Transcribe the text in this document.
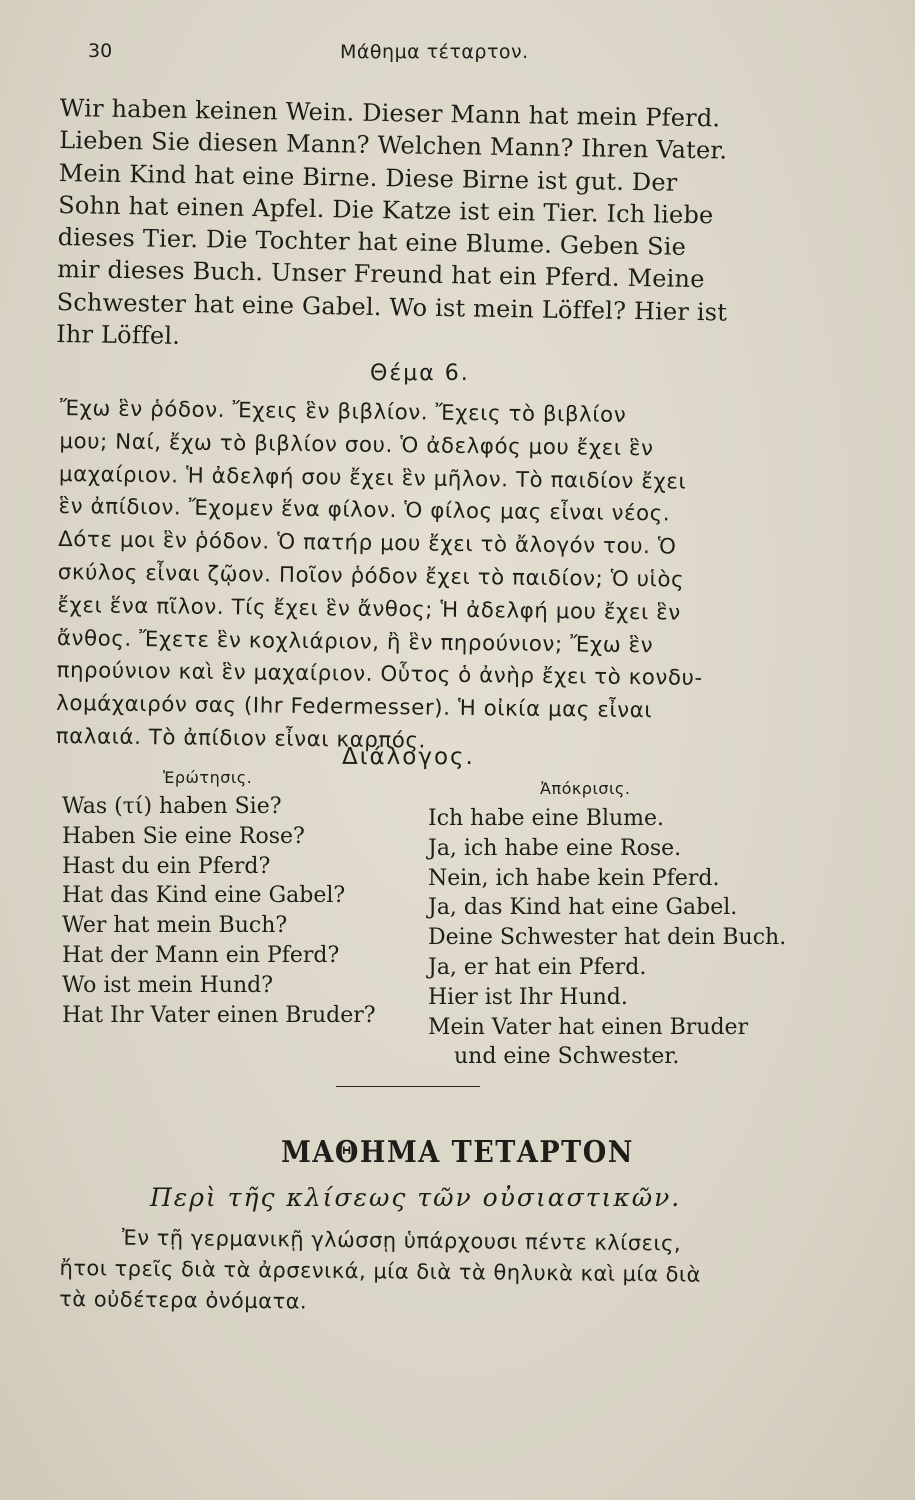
30	Μάθημα τέταρτον.
Wir haben keinen Wein. Dieser Mann hat mein Pferd.
Lieben Sie diesen Mann? Welchen Mann? Ihren Vater.
Mein Kind hat eine Birne. Diese Birne ist gut. Der
Sohn hat einen Apfel. Die Katze ist ein Tier. Ich liebe
dieses Tier. Die Tochter hat eine Blume. Geben Sie
mir dieses Buch. Unser Freund hat ein Pferd. Meine
Schwester hat eine Gabel. Wo ist mein Löffel? Hier ist
Ihr Löffel.
Θέμα 6.
Ἔχω ἓν ῥόδον. Ἔχεις ἓν βιβλίον. Ἔχεις τὸ βιβλίον
μου; Ναί, ἔχω τὸ βιβλίον σου. Ὁ ἀδελφός μου ἔχει ἓν
μαχαίριον. Ἡ ἀδελφή σου ἔχει ἓν μῆλον. Τὸ παιδίον ἔχει
ἓν ἀπίδιον. Ἔχομεν ἕνα φίλον. Ὁ φίλος μας εἶναι νέος.
Δότε μοι ἓν ῥόδον. Ὁ πατήρ μου ἔχει τὸ ἄλογόν του. Ὁ
σκύλος εἶναι ζῷον. Ποῖον ῥόδον ἔχει τὸ παιδίον; Ὁ υἱὸς
ἔχει ἕνα πῖλον. Τίς ἔχει ἓν ἄνθος; Ἡ ἀδελφή μου ἔχει ἓν
ἄνθος. Ἔχετε ἓν κοχλιάριον, ἢ ἓν πηρούνιον; Ἔχω ἓν
πηρούνιον καὶ ἓν μαχαίριον. Οὗτος ὁ ἀνὴρ ἔχει τὸ κονδυ-
λομάχαιρόν σας (Ihr Federmesser). Ἡ οἰκία μας εἶναι
παλαιά. Τὸ ἀπίδιον εἶναι καρπός.
Διάλογος.
Ἐρώτησις.
Ἀπόκρισις.
Was (τί) haben Sie?
Haben Sie eine Rose?
Hast du ein Pferd?
Hat das Kind eine Gabel?
Wer hat mein Buch?
Hat der Mann ein Pferd?
Wo ist mein Hund?
Hat Ihr Vater einen Bruder?
Ich habe eine Blume.
Ja, ich habe eine Rose.
Nein, ich habe kein Pferd.
Ja, das Kind hat eine Gabel.
Deine Schwester hat dein Buch.
Ja, er hat ein Pferd.
Hier ist Ihr Hund.
Mein Vater hat einen Bruder
und eine Schwester.
ΜΑΘΗΜΑ ΤΕΤΑΡΤΟΝ
Περὶ τῆς κλίσεως τῶν οὐσιαστικῶν.
Ἐν τῇ γερμανικῇ γλώσσῃ ὑπάρχουσι πέντε κλίσεις,
ἤτοι τρεῖς διὰ τὰ ἀρσενικά, μία διὰ τὰ θηλυκὰ καὶ μία διὰ
τὰ οὐδέτερα ὀνόματα.
